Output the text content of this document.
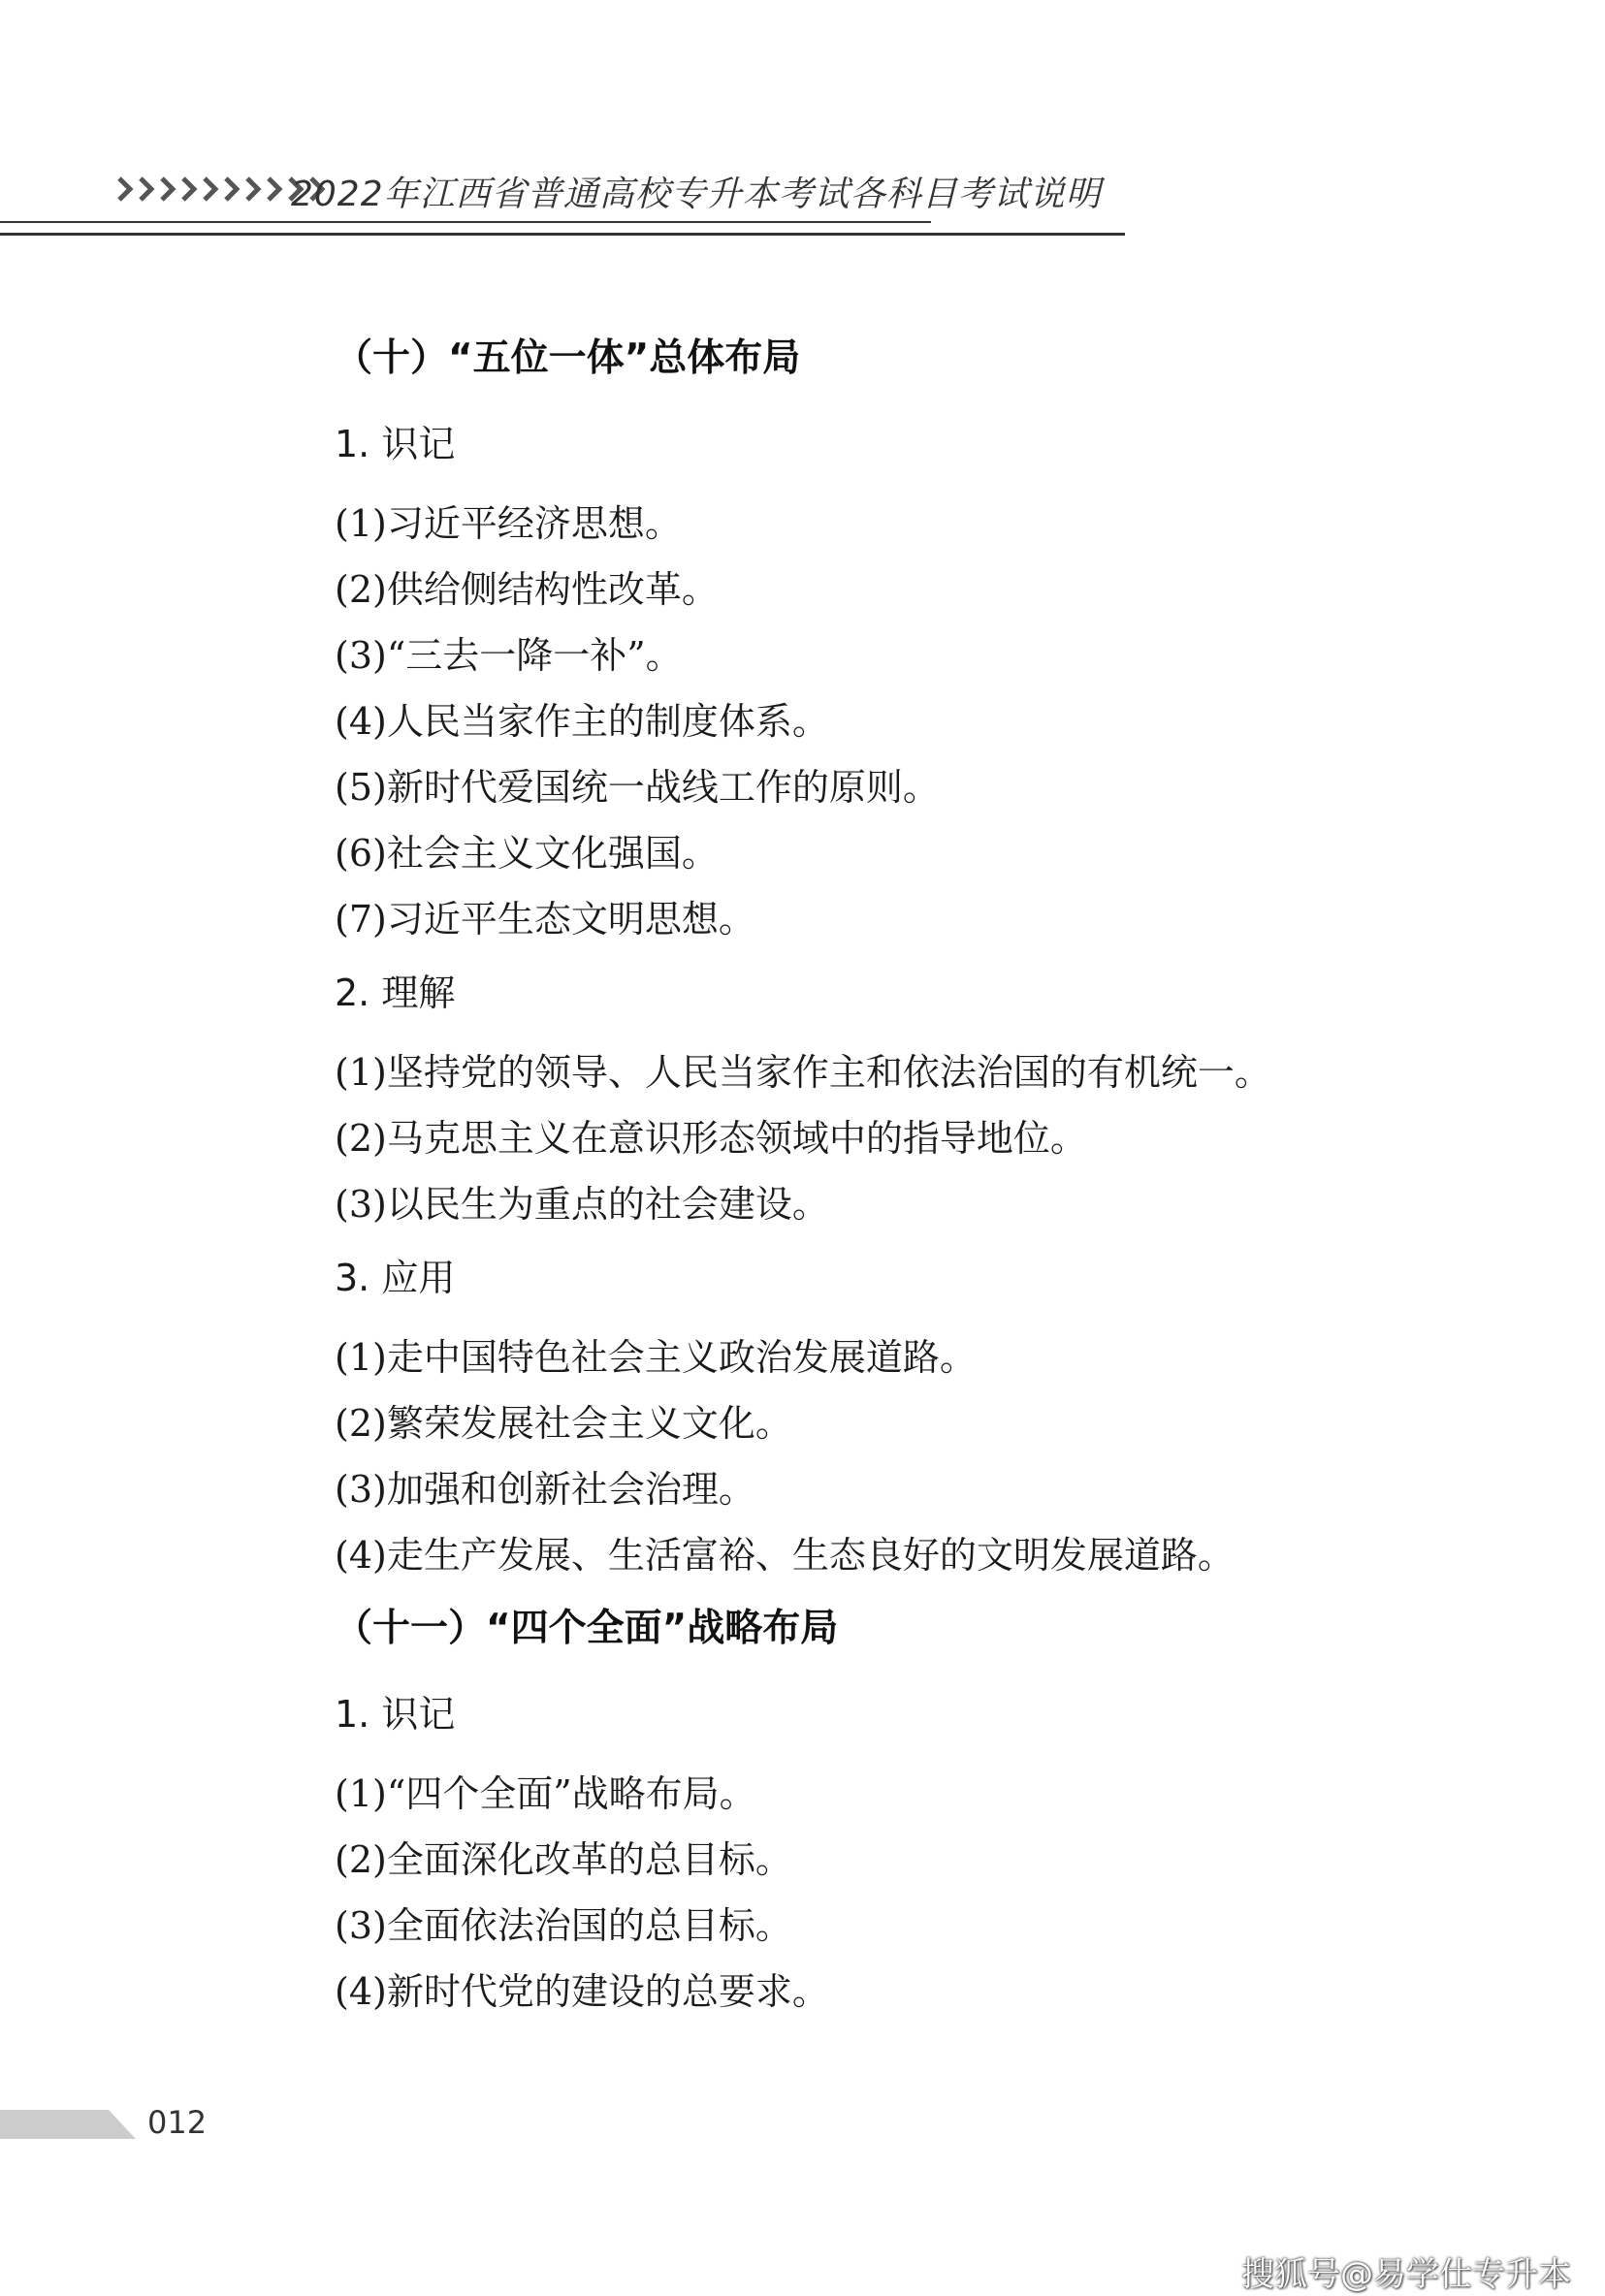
2022年江西省普通高校专升本考试各科目考试说明
（十）“五位一体”总体布局
1. 识记
(1)习近平经济思想。
(2)供给侧结构性改革。
(3)“三去一降一补”。
(4)人民当家作主的制度体系。
(5)新时代爱国统一战线工作的原则。
(6)社会主义文化强国。
(7)习近平生态文明思想。
2. 理解
(1)坚持党的领导、人民当家作主和依法治国的有机统一。
(2)马克思主义在意识形态领域中的指导地位。
(3)以民生为重点的社会建设。
3. 应用
(1)走中国特色社会主义政治发展道路。
(2)繁荣发展社会主义文化。
(3)加强和创新社会治理。
(4)走生产发展、生活富裕、生态良好的文明发展道路。
（十一）“四个全面”战略布局
1. 识记
(1)“四个全面”战略布局。
(2)全面深化改革的总目标。
(3)全面依法治国的总目标。
(4)新时代党的建设的总要求。
012
搜狐号@易学仕专升本
